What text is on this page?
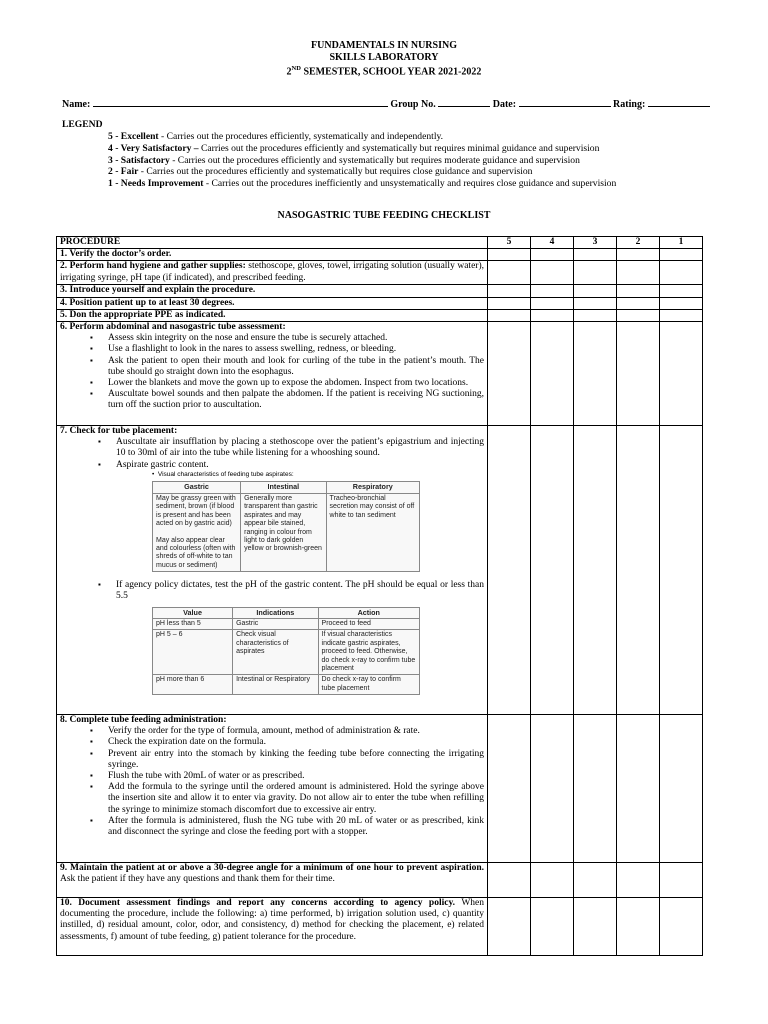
FUNDAMENTALS IN NURSING
SKILLS LABORATORY
2ND SEMESTER, SCHOOL YEAR 2021-2022
Name:	Group No.	Date:	Rating:
LEGEND
5 - Excellent - Carries out the procedures efficiently, systematically and independently.
4 - Very Satisfactory – Carries out the procedures efficiently and systematically but requires minimal guidance and supervision
3 - Satisfactory - Carries out the procedures efficiently and systematically but requires moderate guidance and supervision
2 - Fair - Carries out the procedures efficiently and systematically but requires close guidance and supervision
1 - Needs Improvement - Carries out the procedures inefficiently and unsystematically and requires close guidance and supervision
NASOGASTRIC TUBE FEEDING CHECKLIST
PROCEDURE	5	4	3	2	1
1. Verify the doctor’s order.					
2. Perform hand hygiene and gather supplies: stethoscope, gloves, towel, irrigating solution (usually water), irrigating syringe, pH tape (if indicated), and prescribed feeding.					
3. Introduce yourself and explain the procedure.					
4. Position patient up to at least 30 degrees.					
5. Don the appropriate PPE as indicated.					
6. Perform abdominal and nasogastric tube assessment:
▪ Assess skin integrity on the nose and ensure the tube is securely attached.
▪ Use a flashlight to look in the nares to assess swelling, redness, or bleeding.
▪ Ask the patient to open their mouth and look for curling of the tube in the patient’s mouth. The tube should go straight down into the esophagus.
▪ Lower the blankets and move the gown up to expose the abdomen. Inspect from two locations.
▪ Auscultate bowel sounds and then palpate the abdomen. If the patient is receiving NG suctioning, turn off the suction prior to auscultation.

7. Check for tube placement:
▪ Auscultate air insufflation by placing a stethoscope over the patient’s epigastrium and injecting 10 to 30ml of air into the tube while listening for a whooshing sound.
▪ Aspirate gastric content.
•  Visual characteristics of feeding tube aspirates:
Gastric	Intestinal	Respiratory

May be grassy green with sediment, brown (if blood is present and has been acted on by gastric acid)
May also appear clear and colourless (often with shreds of off-white to tan mucus or sediment)
	Generally more transparent than gastric aspirates and may appear bile stained, ranging in colour from light to dark golden yellow or brownish-green	Tracheo-bronchial secretion may consist of off white to tan sediment
▪ If agency policy dictates, test the pH of the gastric content. The pH should be equal or less than 5.5
Value	Indications	Action
pH less than 5	Gastric	Proceed to feed
pH 5 – 6	Check visual characteristics of aspirates	If visual characteristics indicate gastric aspirates, proceed to feed. Otherwise, do check x-ray to confirm tube placement
pH more than 6	Intestinal or Respiratory	Do check x-ray to confirm tube placement

8. Complete tube feeding administration:
▪ Verify the order for the type of formula, amount, method of administration & rate.
▪ Check the expiration date on the formula.
▪ Prevent air entry into the stomach by kinking the feeding tube before connecting the irrigating syringe.
▪ Flush the tube with 20mL of water or as prescribed.
▪ Add the formula to the syringe until the ordered amount is administered. Hold the syringe above the insertion site and allow it to enter via gravity. Do not allow air to enter the tube when refilling the syringe to minimize stomach discomfort due to excessive air entry.
▪ After the formula is administered, flush the NG tube with 20 mL of water or as prescribed, kink and disconnect the syringe and close the feeding port with a stopper.

9. Maintain the patient at or above a 30-degree angle for a minimum of one hour to prevent aspiration. Ask the patient if they have any questions and thank them for their time.					
10. Document assessment findings and report any concerns according to agency policy. When documenting the procedure, include the following: a) time performed, b) irrigation solution used, c) quantity instilled, d) residual amount, color, odor, and consistency, d) method for checking the placement, e) related assessments, f) amount of tube feeding, g) patient tolerance for the procedure.					
